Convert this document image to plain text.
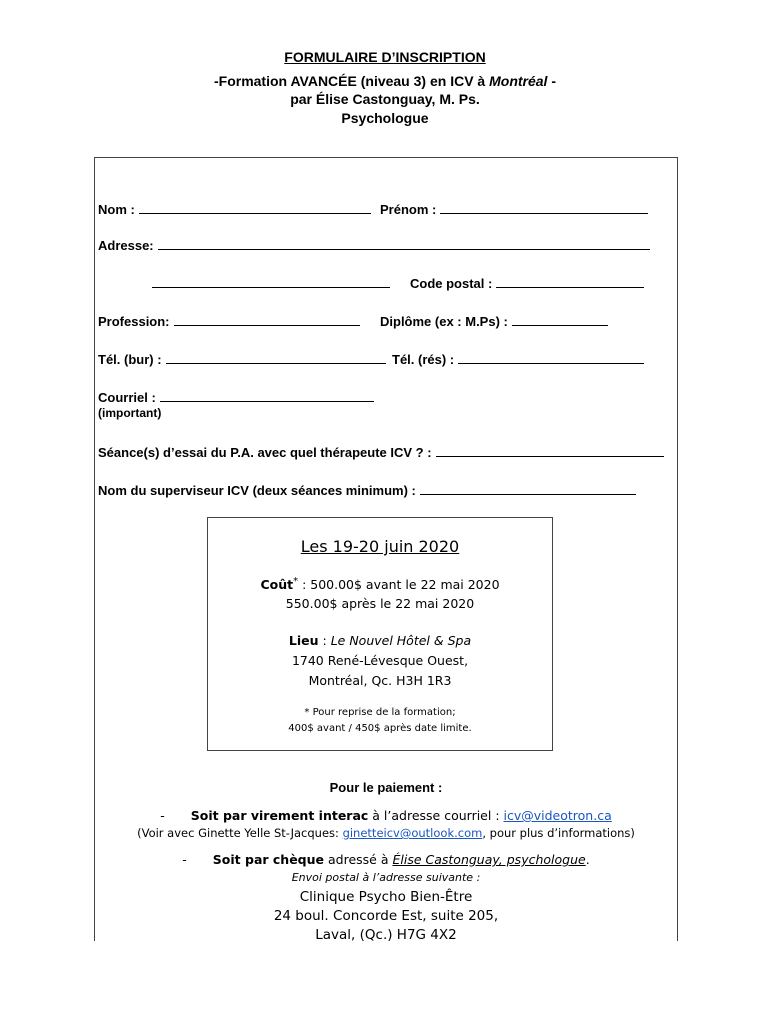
FORMULAIRE D’INSCRIPTION
-Formation AVANCÉE (niveau 3) en ICV à Montréal -
par Élise Castonguay, M. Ps.
Psychologue
Nom :	Prénom :
Adresse:
Code postal :
Profession:	Diplôme (ex : M.Ps) :
Tél. (bur) :	Tél. (rés) :
Courriel :
(important)
Séance(s) d’essai du P.A. avec quel thérapeute ICV ? :
Nom du superviseur ICV (deux séances minimum) :
Les 19-20 juin 2020
Coût* : 500.00$ avant le 22 mai 2020
550.00$ après le 22 mai 2020
Lieu : Le Nouvel Hôtel & Spa
1740 René-Lévesque Ouest,
Montréal, Qc. H3H 1R3
* Pour reprise de la formation;
400$ avant / 450$ après date limite.
Pour le paiement :
- Soit par virement interac à l’adresse courriel : icv@videotron.ca
(Voir avec Ginette Yelle St-Jacques: ginetteicv@outlook.com, pour plus d’informations)
- Soit par chèque adressé à Élise Castonguay, psychologue.
Envoi postal à l’adresse suivante :
Clinique Psycho Bien-Être
24 boul. Concorde Est, suite 205,
Laval, (Qc.) H7G 4X2
